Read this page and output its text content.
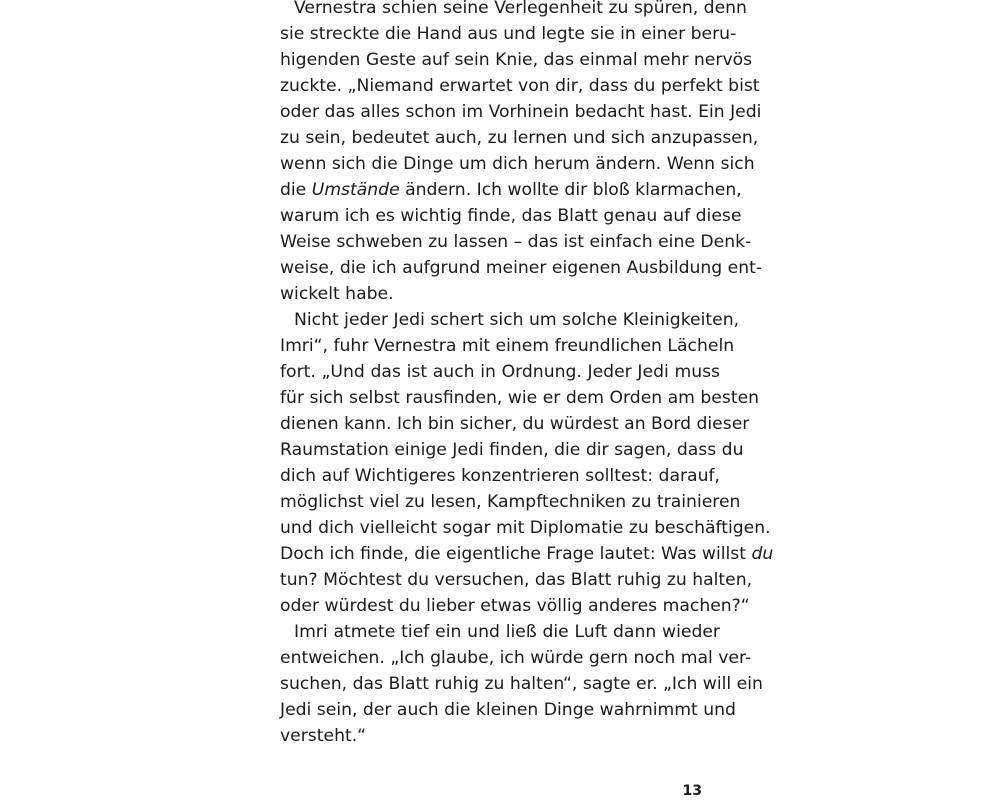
Vernestra schien seine Verlegenheit zu spüren, denn
sie streckte die Hand aus und legte sie in einer beru-
higenden Geste auf sein Knie, das einmal mehr nervös
zuckte. „Niemand erwartet von dir, dass du perfekt bist
oder das alles schon im Vorhinein bedacht hast. Ein Jedi
zu sein, bedeutet auch, zu lernen und sich anzupassen,
wenn sich die Dinge um dich herum ändern. Wenn sich
die Umstände ändern. Ich wollte dir bloß klarmachen,
warum ich es wichtig finde, das Blatt genau auf diese
Weise schweben zu lassen – das ist einfach eine Denk-
weise, die ich aufgrund meiner eigenen Ausbildung ent-
wickelt habe.
Nicht jeder Jedi schert sich um solche Kleinigkeiten,
Imri“, fuhr Vernestra mit einem freundlichen Lächeln
fort. „Und das ist auch in Ordnung. Jeder Jedi muss
für sich selbst rausfinden, wie er dem Orden am besten
dienen kann. Ich bin sicher, du würdest an Bord dieser
Raumstation einige Jedi finden, die dir sagen, dass du
dich auf Wichtigeres konzentrieren solltest: darauf,
möglichst viel zu lesen, Kampftechniken zu trainieren
und dich vielleicht sogar mit Diplomatie zu beschäftigen.
Doch ich finde, die eigentliche Frage lautet: Was willst du
tun? Möchtest du versuchen, das Blatt ruhig zu halten,
oder würdest du lieber etwas völlig anderes machen?“
Imri atmete tief ein und ließ die Luft dann wieder
entweichen. „Ich glaube, ich würde gern noch mal ver-
suchen, das Blatt ruhig zu halten“, sagte er. „Ich will ein
Jedi sein, der auch die kleinen Dinge wahrnimmt und
versteht.“
13
